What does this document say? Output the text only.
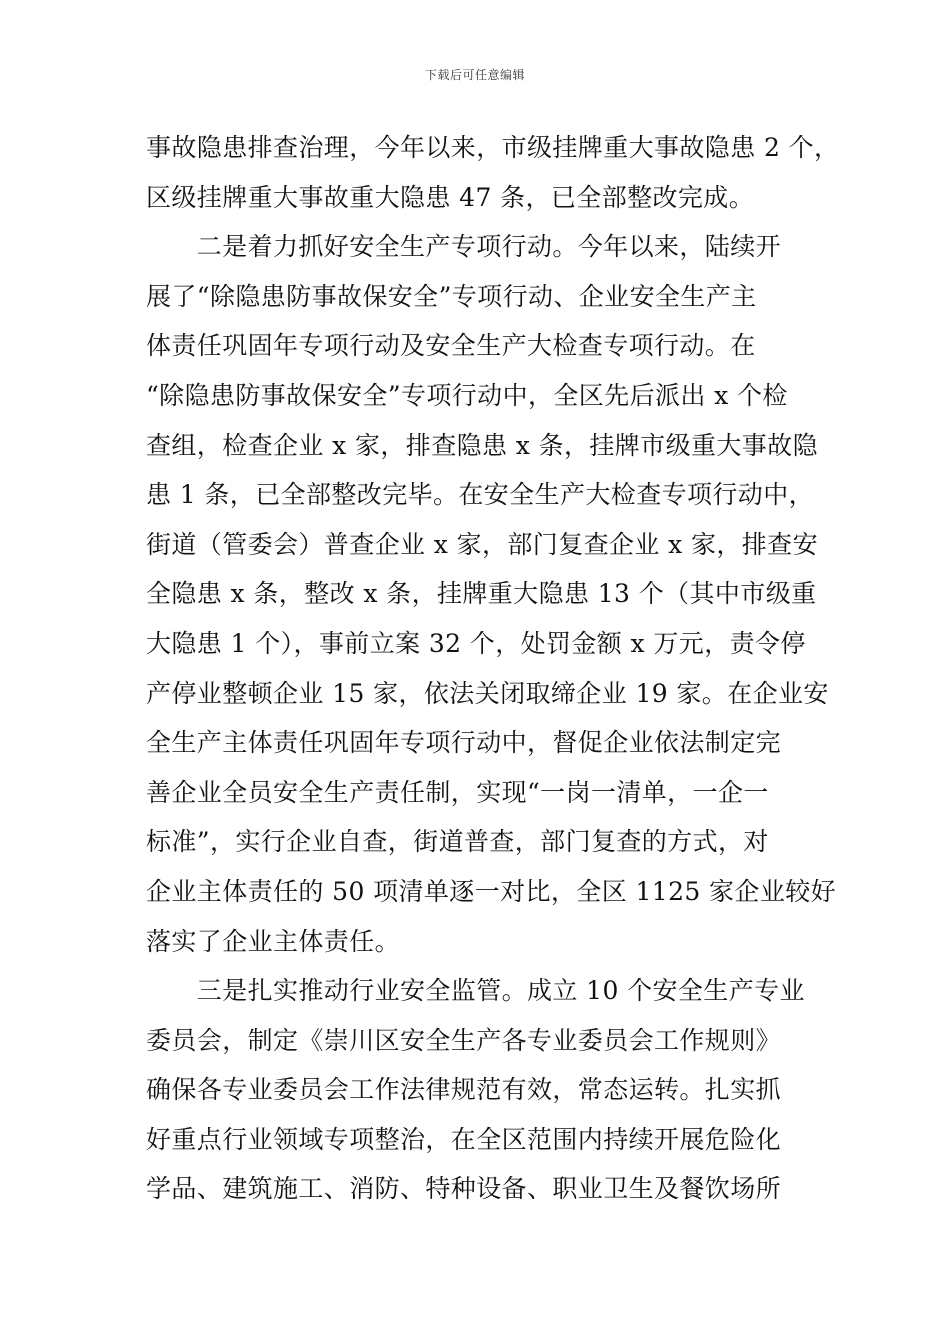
下载后可任意编辑
事故隐患排查治理，今年以来，市级挂牌重大事故隐患 2 个，
区级挂牌重大事故重大隐患 47 条，已全部整改完成。
　　二是着力抓好安全生产专项行动。今年以来，陆续开
展了“除隐患防事故保安全”专项行动、企业安全生产主
体责任巩固年专项行动及安全生产大检查专项行动。在
“除隐患防事故保安全”专项行动中，全区先后派出 x 个检
查组，检查企业 x 家，排查隐患 x 条，挂牌市级重大事故隐
患 1 条，已全部整改完毕。在安全生产大检查专项行动中，
街道（管委会）普查企业 x 家，部门复查企业 x 家，排查安
全隐患 x 条，整改 x 条，挂牌重大隐患 13 个（其中市级重
大隐患 1 个），事前立案 32 个，处罚金额 x 万元，责令停
产停业整顿企业 15 家，依法关闭取缔企业 19 家。在企业安
全生产主体责任巩固年专项行动中，督促企业依法制定完
善企业全员安全生产责任制，实现“一岗一清单，一企一
标准”，实行企业自查，街道普查，部门复查的方式，对
企业主体责任的 50 项清单逐一对比，全区 1125 家企业较好
落实了企业主体责任。
　　三是扎实推动行业安全监管。成立 10 个安全生产专业
委员会，制定《崇川区安全生产各专业委员会工作规则》
确保各专业委员会工作法律规范有效，常态运转。扎实抓
好重点行业领域专项整治，在全区范围内持续开展危险化
学品、建筑施工、消防、特种设备、职业卫生及餐饮场所
